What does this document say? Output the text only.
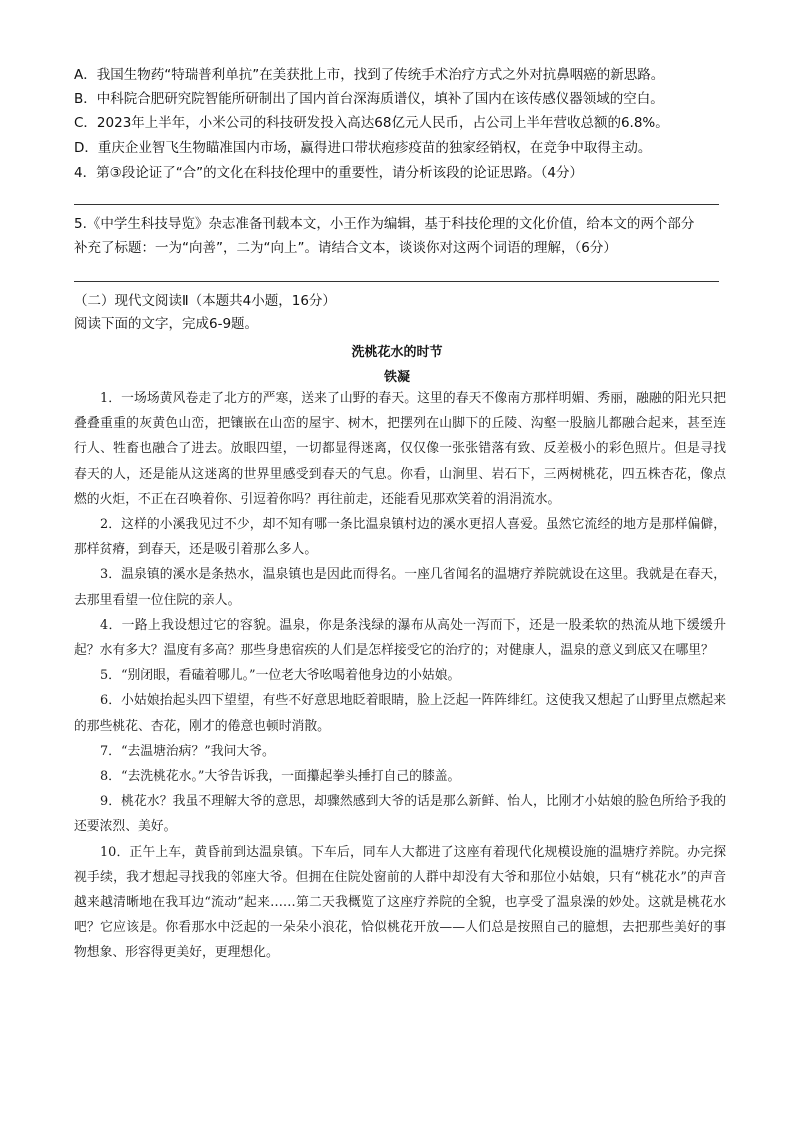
A．我国生物药“特瑞普利单抗”在美获批上市，找到了传统手术治疗方式之外对抗鼻咽癌的新思路。
B．中科院合肥研究院智能所研制出了国内首台深海质谱仪，填补了国内在该传感仪器领域的空白。
C．2023年上半年，小米公司的科技研发投入高达68亿元人民币，占公司上半年营收总额的6.8%。
D．重庆企业智飞生物瞄准国内市场，赢得进口带状疱疹疫苗的独家经销权，在竞争中取得主动。
4．第③段论证了“合”的文化在科技伦理中的重要性，请分析该段的论证思路。（4分）
5.《中学生科技导览》杂志准备刊载本文，小王作为编辑，基于科技伦理的文化价值，给本文的两个部分
补充了标题：一为“向善”，二为“向上”。请结合文本，谈谈你对这两个词语的理解，（6分）
（二）现代文阅读Ⅱ（本题共4小题，16分）
阅读下面的文字，完成6-9题。
洗桃花水的时节
铁凝

1．一场场黄风卷走了北方的严寒，送来了山野的春天。这里的春天不像南方那样明媚、秀丽，融融的阳光只把叠叠重重的灰黄色山峦，把镶嵌在山峦的屋宇、树木，把摆列在山脚下的丘陵、沟壑一股脑儿都融合起来，甚至连行人、牲畜也融合了进去。放眼四望，一切都显得迷离，仅仅像一张张错落有致、反差极小的彩色照片。但是寻找春天的人，还是能从这迷离的世界里感受到春天的气息。你看，山涧里、岩石下，三两树桃花，四五株杏花，像点燃的火炬，不正在召唤着你、引逗着你吗？再往前走，还能看见那欢笑着的涓涓流水。

2．这样的小溪我见过不少，却不知有哪一条比温泉镇村边的溪水更招人喜爱。虽然它流经的地方是那样偏僻，那样贫瘠，到春天，还是吸引着那么多人。

3．温泉镇的溪水是条热水，温泉镇也是因此而得名。一座几省闻名的温塘疗养院就设在这里。我就是在春天，去那里看望一位住院的亲人。

4．一路上我设想过它的容貌。温泉，你是条浅绿的瀑布从高处一泻而下，还是一股柔软的热流从地下缓缓升起？水有多大？温度有多高？那些身患宿疾的人们是怎样接受它的治疗的；对健康人，温泉的意义到底又在哪里？

5．“别闭眼，看磕着哪儿。”一位老大爷吆喝着他身边的小姑娘。

6．小姑娘抬起头四下望望，有些不好意思地眨着眼睛，脸上泛起一阵阵绯红。这使我又想起了山野里点燃起来的那些桃花、杏花，刚才的倦意也顿时消散。

7．“去温塘治病？”我问大爷。

8．“去洗桃花水。”大爷告诉我，一面攥起拳头捶打自己的膝盖。

9．桃花水？我虽不理解大爷的意思，却骤然感到大爷的话是那么新鲜、怡人，比刚才小姑娘的脸色所给予我的还要浓烈、美好。

10．正午上车，黄昏前到达温泉镇。下车后，同车人大都进了这座有着现代化规模设施的温塘疗养院。办完探视手续，我才想起寻找我的邻座大爷。但拥在住院处窗前的人群中却没有大爷和那位小姑娘，只有“桃花水”的声音越来越清晰地在我耳边“流动”起来……第二天我概览了这座疗养院的全貌，也享受了温泉澡的妙处。这就是桃花水吧？它应该是。你看那水中泛起的一朵朵小浪花，恰似桃花开放——人们总是按照自己的臆想，去把那些美好的事物想象、形容得更美好，更理想化。
